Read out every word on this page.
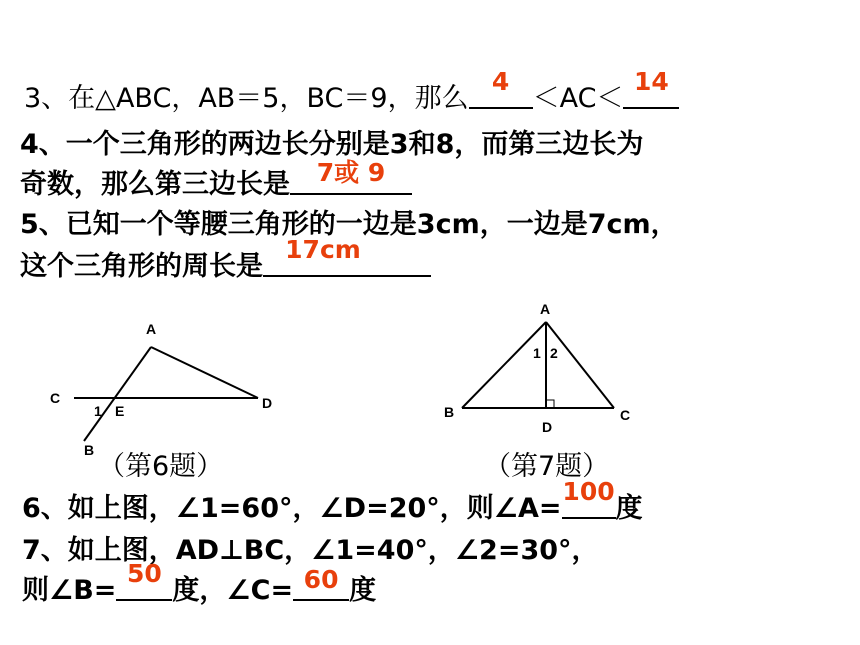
3、在△ABC，AB＝5，BC＝9，那么
4
＜AC＜
14
4、一个三角形的两边长分别是3和8，而第三边长为
奇数，那么第三边长是	7或 9
5、已知一个等腰三角形的一边是3cm，一边是7cm，
这个三角形的周长是
17cm
A
C	D
1 E
B
A
1 2
B	C
D
（第6题）	（第7题）
6、如上图，∠1=60°，∠D=20°，则∠A=
100
度
7、如上图，AD⊥BC，∠1=40°，∠2=30°，
则∠B=
50
度，∠C= 60 度
